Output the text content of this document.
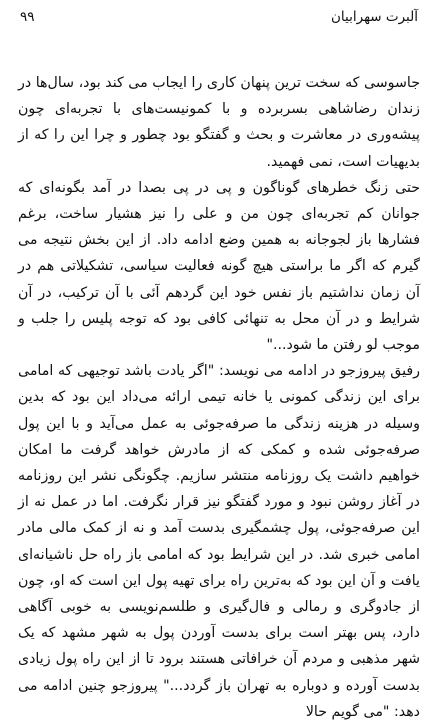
آلبرت سهرابیان
۹۹

جاسوسی که سخت ترین پنهان کاری را ایجاب می کند بود، سال‌ها در زندان رضاشاهی بسربرده و با کمونیست‌های با تجربه‌ای چون پیشه‌وری در معاشرت و بحث و گفتگو بود چطور و چرا این را که از بدیهیات است، نمی فهمید.

حتی زنگ خطرهای گوناگون و پی در پی بصدا در آمد بگونه‌ای که جوانان کم تجربه‌ای چون من و علی را نیز هشیار ساخت، برغم فشارها باز لجوجانه به همین وضع ادامه داد. از این بخش نتیجه می گیرم که اگر ما براستی هیچ گونه فعالیت سیاسی، تشکیلاتی هم در آن زمان نداشتیم باز نفس خود این گردهم آئی با آن ترکیب، در آن شرایط و در آن محل به تنهائی کافی بود که توجه پلیس را جلب و موجب لو رفتن ما شود..."

رفیق پیروزجو در ادامه می نویسد: "اگر یادت باشد توجیهی که امامی برای این زندگی کمونی یا خانه تیمی ارائه می‌داد این بود که بدین وسیله در هزینه زندگی ما صرفه‌جوئی به عمل می‌آید و با این پول صرفه‌جوئی شده و کمکی که از مادرش خواهد گرفت ما امکان خواهیم داشت یک روزنامه منتشر سازیم. چگونگی نشر این روزنامه در آغاز روشن نبود و مورد گفتگو نیز قرار نگرفت. اما در عمل نه از این صرفه‌جوئی، پول چشمگیری بدست آمد و نه از کمک مالی مادر امامی خبری شد. در این شرایط بود که امامی باز راه حل ناشیانه‌ای یافت و آن این بود که به‌ترین راه برای تهیه پول این است که او، چون از جادوگری و رمالی و فال‌گیری و طلسم‌نویسی به خوبی آگاهی دارد، پس بهتر است برای بدست آوردن پول به شهر مشهد که یک شهر مذهبی و مردم آن خرافاتی هستند برود تا از این راه پول زیادی بدست آورده و دوباره به تهران باز گردد..." پیروزجو چنین ادامه می دهد: "می گویم حالا
